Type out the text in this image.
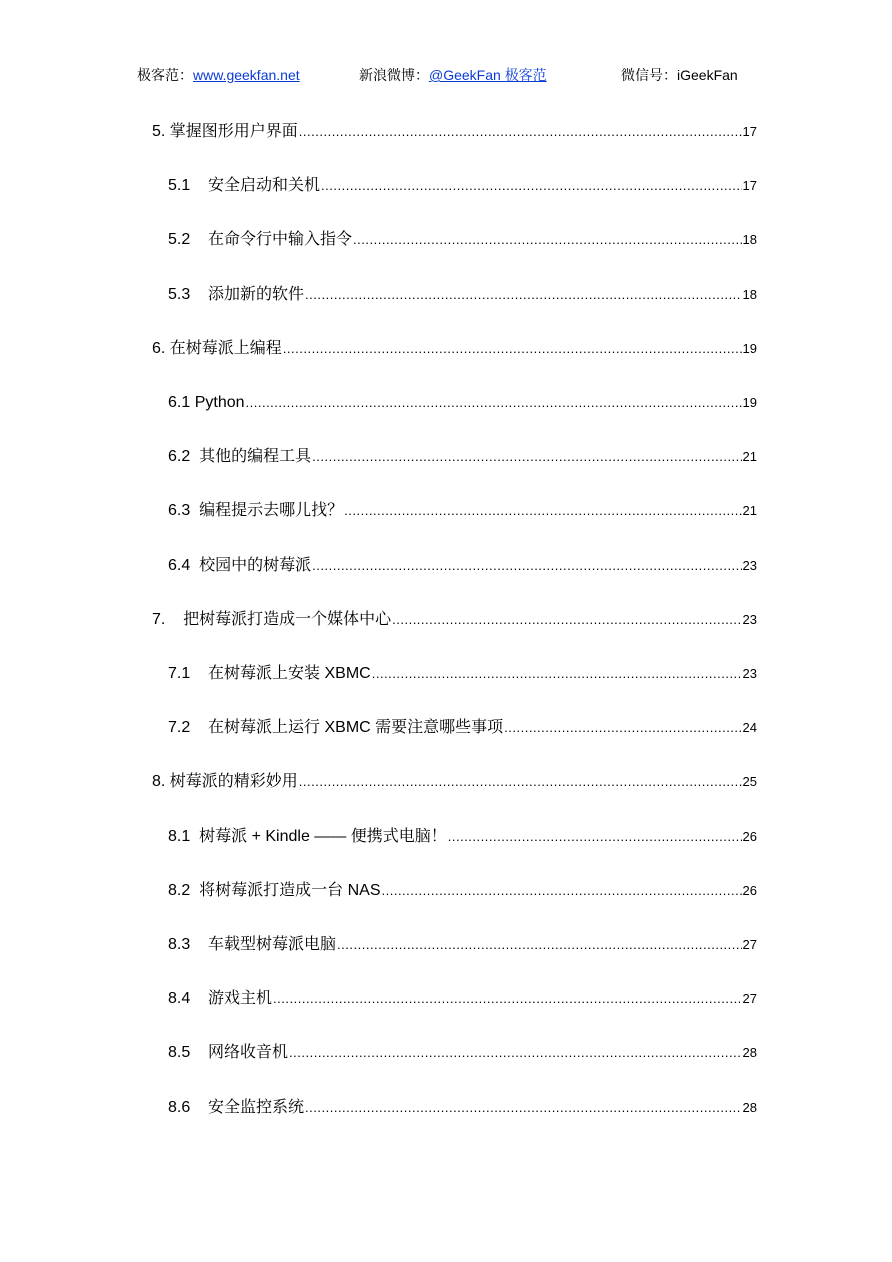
极客范：www.geekfan.net	新浪微博：@GeekFan 极客范	微信号：iGeekFan
5. 掌握图形用户界面 .....	17
5.1    安全启动和关机 .....	17
5.2    在命令行中输入指令 .....	18
5.3    添加新的软件 .....	18
6. 在树莓派上编程 .....	19
6.1 Python .....	19
6.2  其他的编程工具 .....	21
6.3  编程提示去哪儿找？ .....	21
6.4  校园中的树莓派 .....	23
7.    把树莓派打造成一个媒体中心 .....	23
7.1    在树莓派上安装 XBMC .....	23
7.2    在树莓派上运行 XBMC 需要注意哪些事项 .....	24
8. 树莓派的精彩妙用 .....	25
8.1  树莓派 + Kindle —— 便携式电脑！ .....	26
8.2  将树莓派打造成一台 NAS .....	26
8.3    车载型树莓派电脑 .....	27
8.4    游戏主机 .....	27
8.5    网络收音机 .....	28
8.6    安全监控系统 .....	28
